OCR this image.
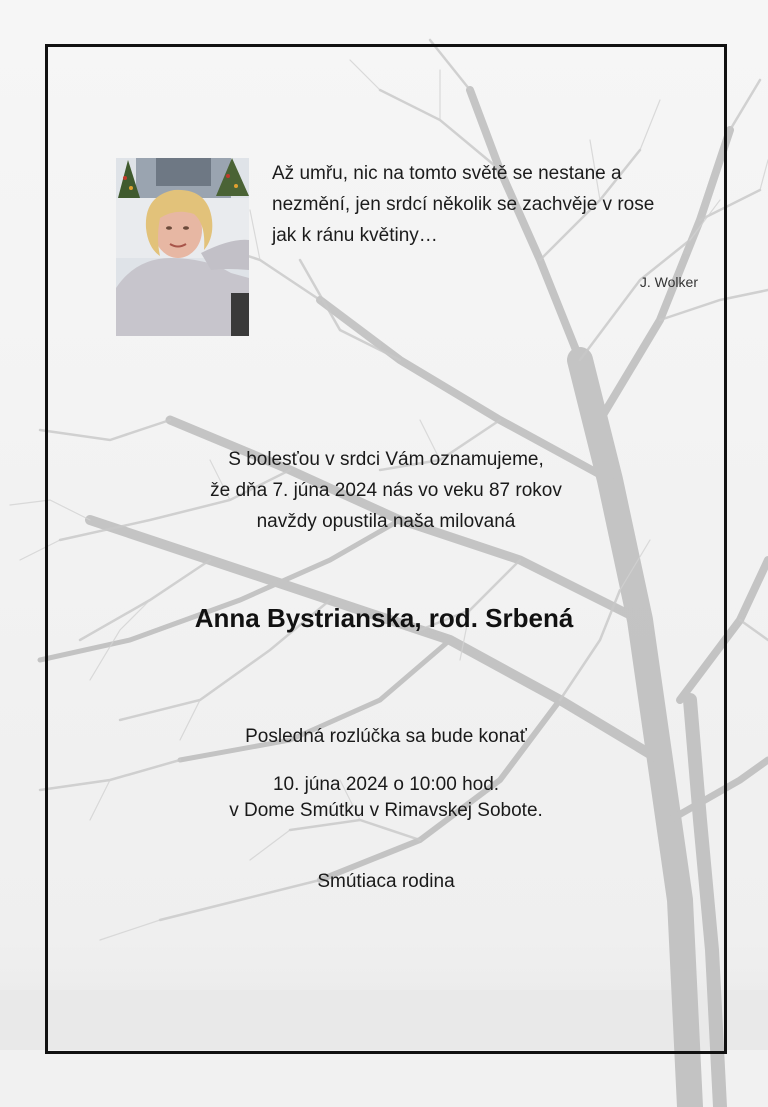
Až umřu, nic na tomto světě se nestane a
nezmění, jen srdcí několik se zachvěje v rose
jak k ránu květiny…
J. Wolker
S bolesťou v srdci Vám oznamujeme,
že dňa 7. júna 2024 nás vo veku 87 rokov
navždy opustila naša milovaná
Anna Bystrianska, rod. Srbená
Posledná rozlúčka sa bude konať
10. júna 2024 o 10:00 hod.
v Dome Smútku v Rimavskej Sobote.
Smútiaca rodina
